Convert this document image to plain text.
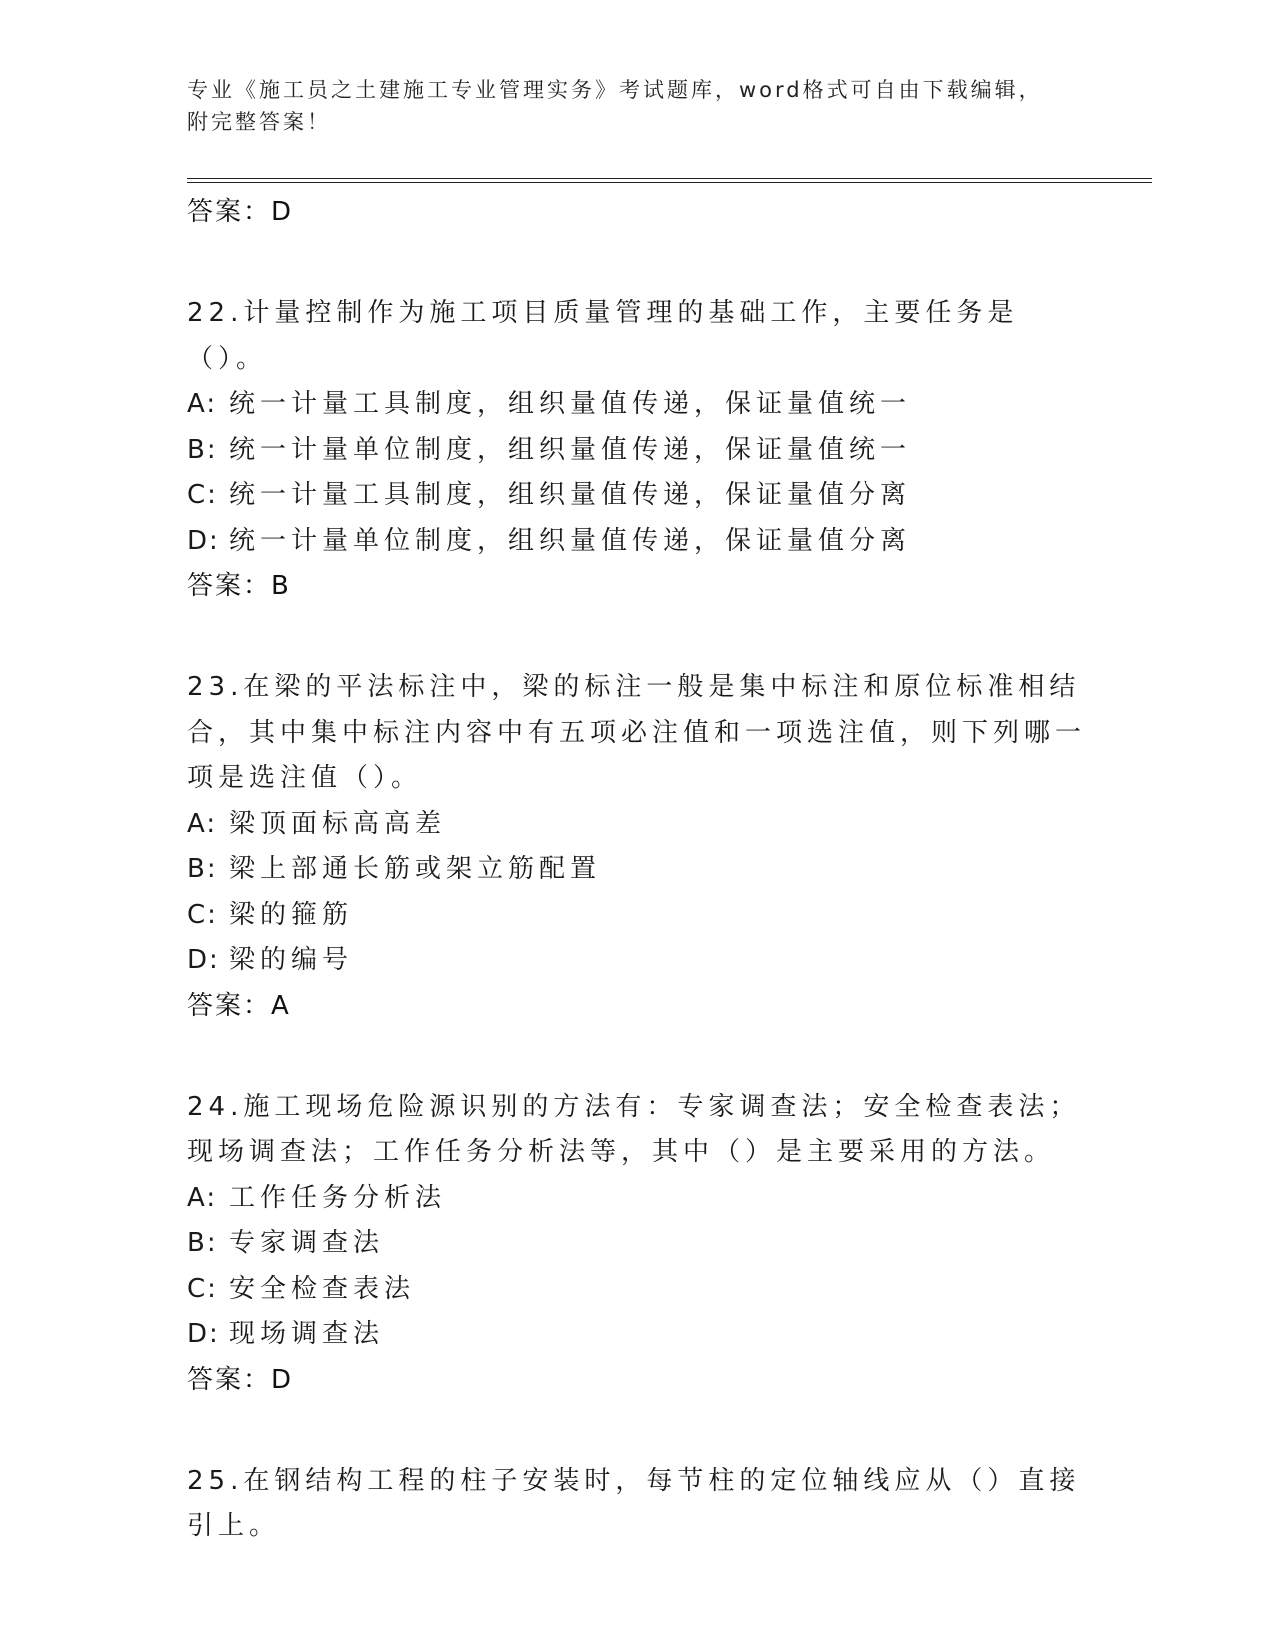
专业《施工员之土建施工专业管理实务》考试题库，word格式可自由下载编辑，
附完整答案！
答案：D
22.计量控制作为施工项目质量管理的基础工作，主要任务是（）。
A: 统一计量工具制度，组织量值传递，保证量值统一
B: 统一计量单位制度，组织量值传递，保证量值统一
C: 统一计量工具制度，组织量值传递，保证量值分离
D: 统一计量单位制度，组织量值传递，保证量值分离
答案：B
23.在梁的平法标注中，梁的标注一般是集中标注和原位标准相结合，其中集中标注内容中有五项必注值和一项选注值，则下列哪一项是选注值（）。
A: 梁顶面标高高差
B: 梁上部通长筋或架立筋配置
C: 梁的箍筋
D: 梁的编号
答案：A
24.施工现场危险源识别的方法有：专家调查法；安全检查表法；现场调查法；工作任务分析法等，其中（）是主要采用的方法。
A: 工作任务分析法
B: 专家调查法
C: 安全检查表法
D: 现场调查法
答案：D
25.在钢结构工程的柱子安装时，每节柱的定位轴线应从（）直接引上。
